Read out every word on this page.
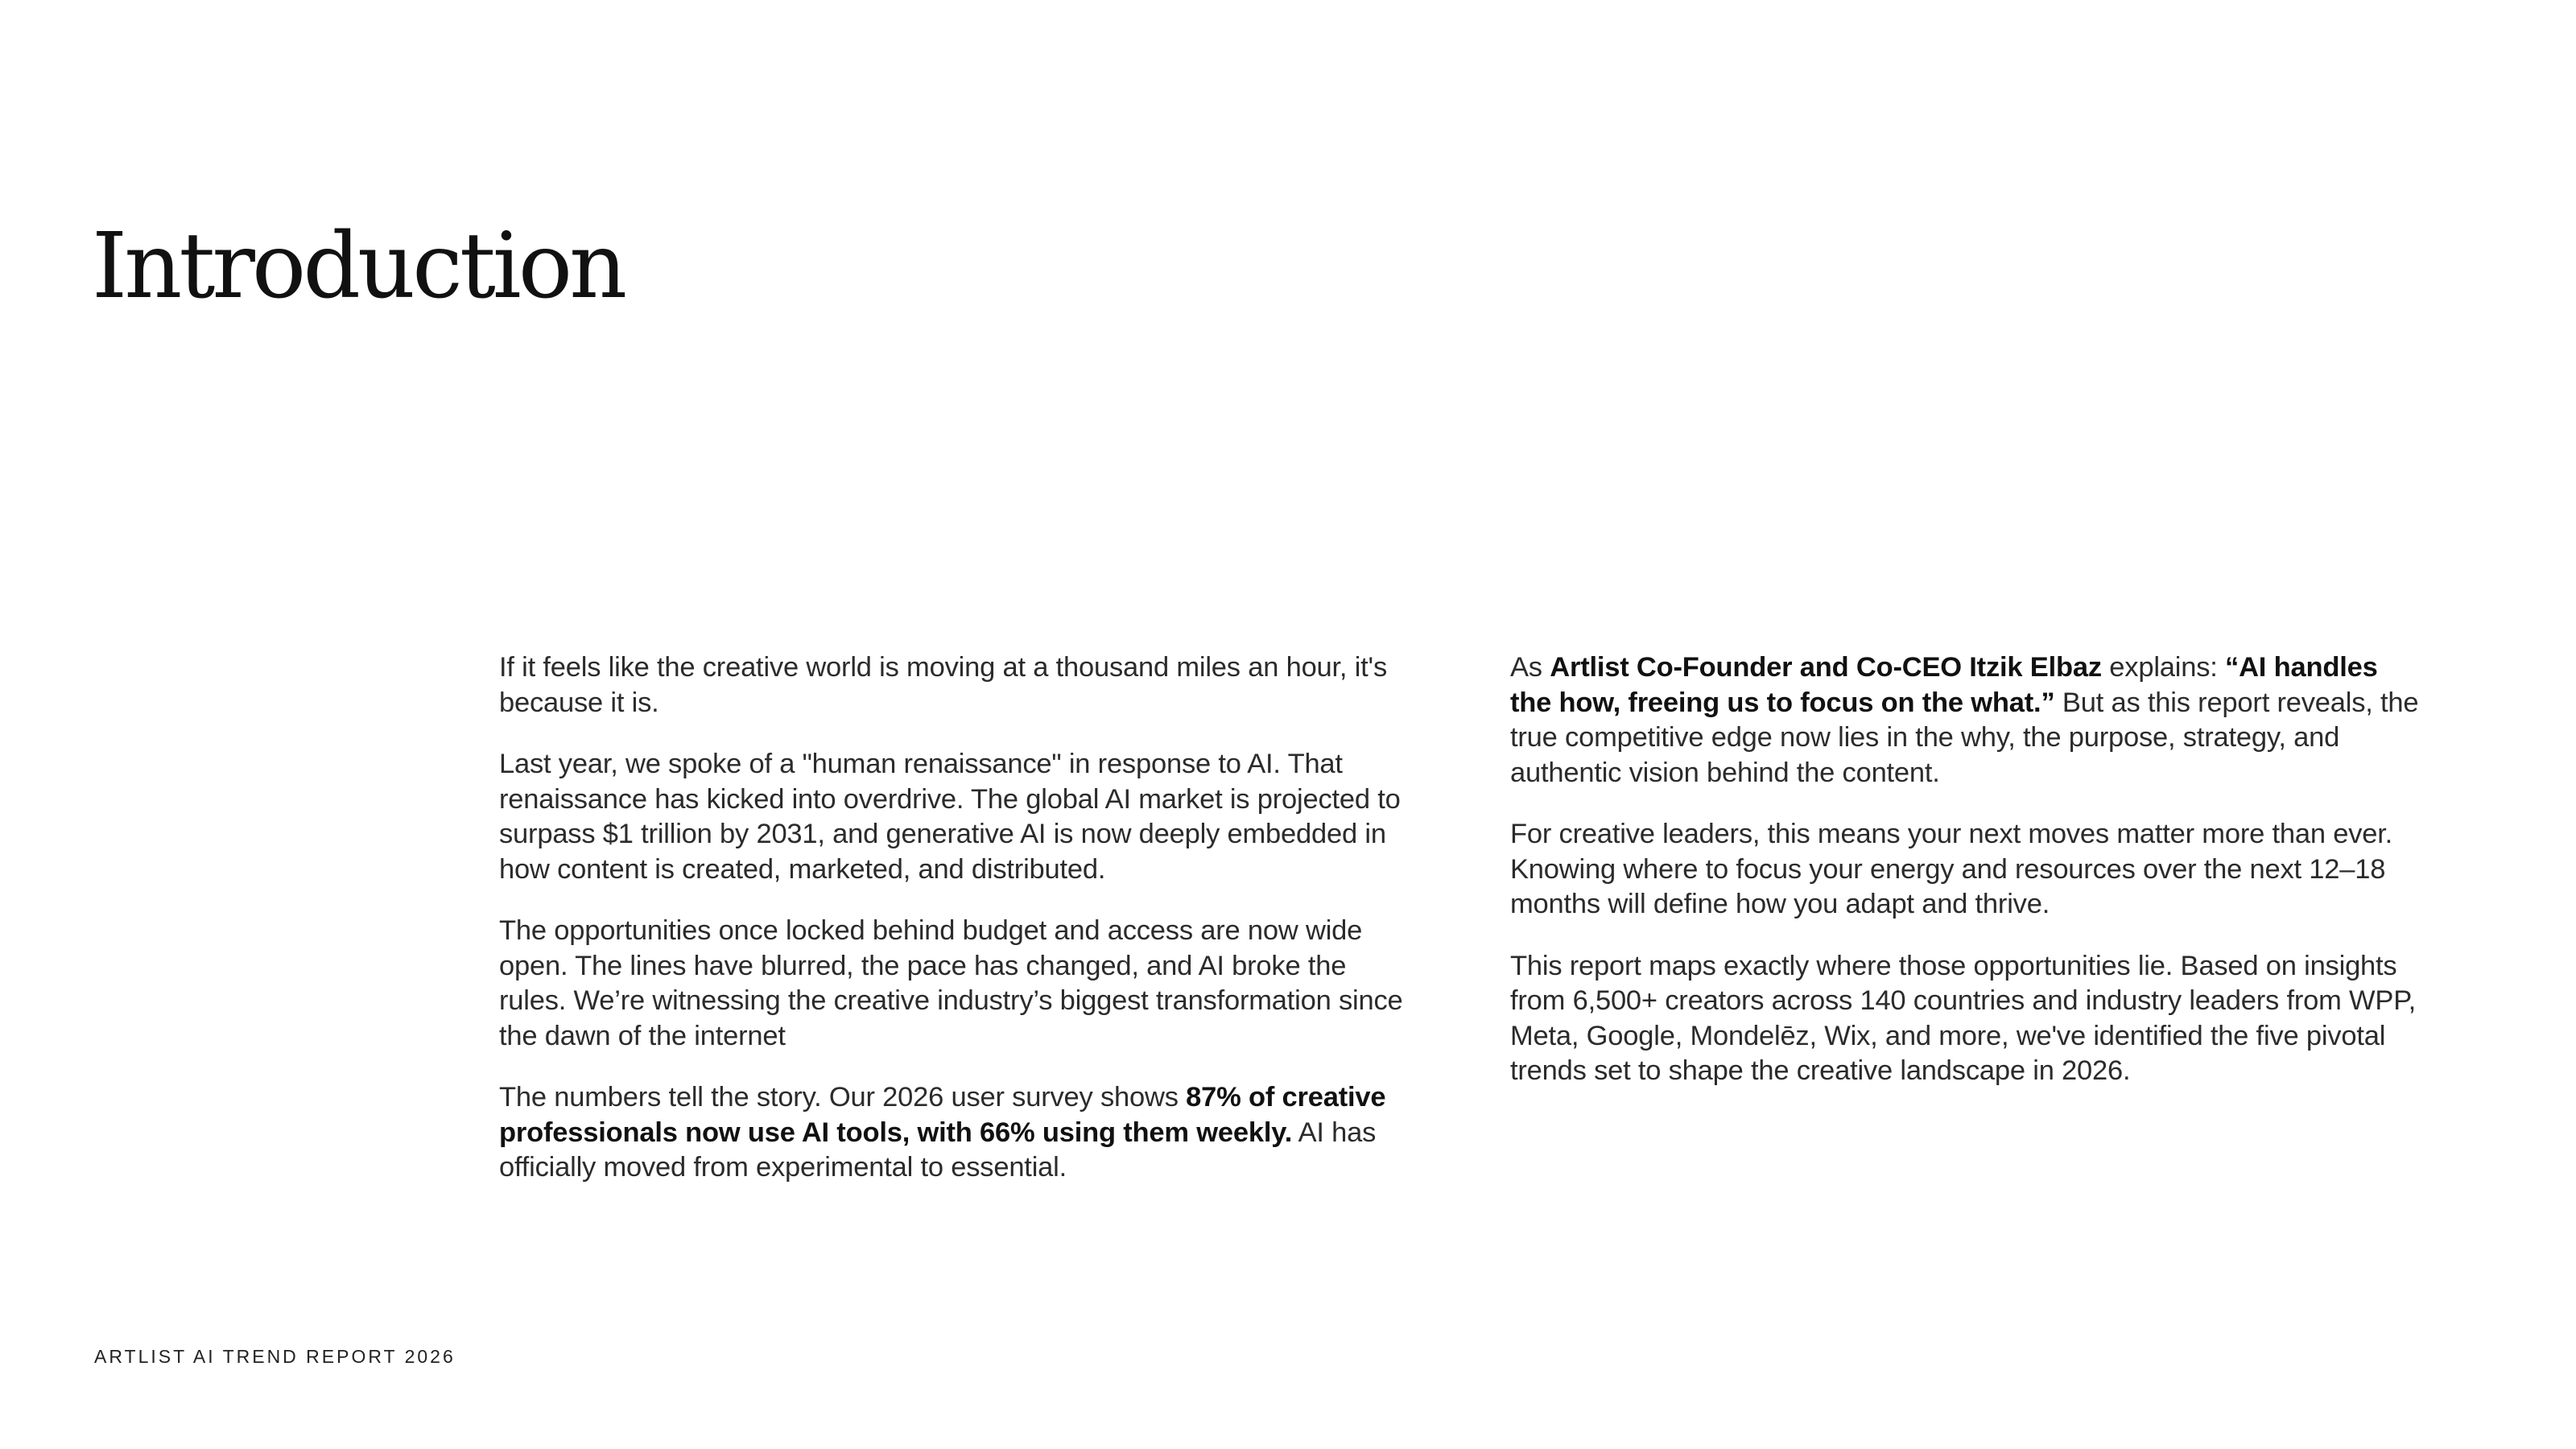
Introduction

If it feels like the creative world is moving at a thousand miles an hour, it's because it is.

Last year, we spoke of a "human renaissance" in response to AI. That renaissance has kicked into overdrive. The global AI market is projected to surpass $1 trillion by 2031, and generative AI is now deeply embedded in how content is created, marketed, and distributed.

The opportunities once locked behind budget and access are now wide open. The lines have blurred, the pace has changed, and AI broke the rules. We’re witnessing the creative industry’s biggest transformation since the dawn of the internet

The numbers tell the story. Our 2026 user survey shows 87% of creative professionals now use AI tools, with 66% using them weekly. AI has officially moved from experimental to essential.

As Artlist Co-Founder and Co-CEO Itzik Elbaz explains: “AI handles the how, freeing us to focus on the what.” But as this report reveals, the true competitive edge now lies in the why, the purpose, strategy, and authentic vision behind the content.

For creative leaders, this means your next moves matter more than ever. Knowing where to focus your energy and resources over the next 12–18 months will define how you adapt and thrive.

This report maps exactly where those opportunities lie. Based on insights from 6,500+ creators across 140 countries and industry leaders from WPP, Meta, Google, Mondelēz, Wix, and more, we've identified the five pivotal trends set to shape the creative landscape in 2026.

ARTLIST AI TREND REPORT 2026
